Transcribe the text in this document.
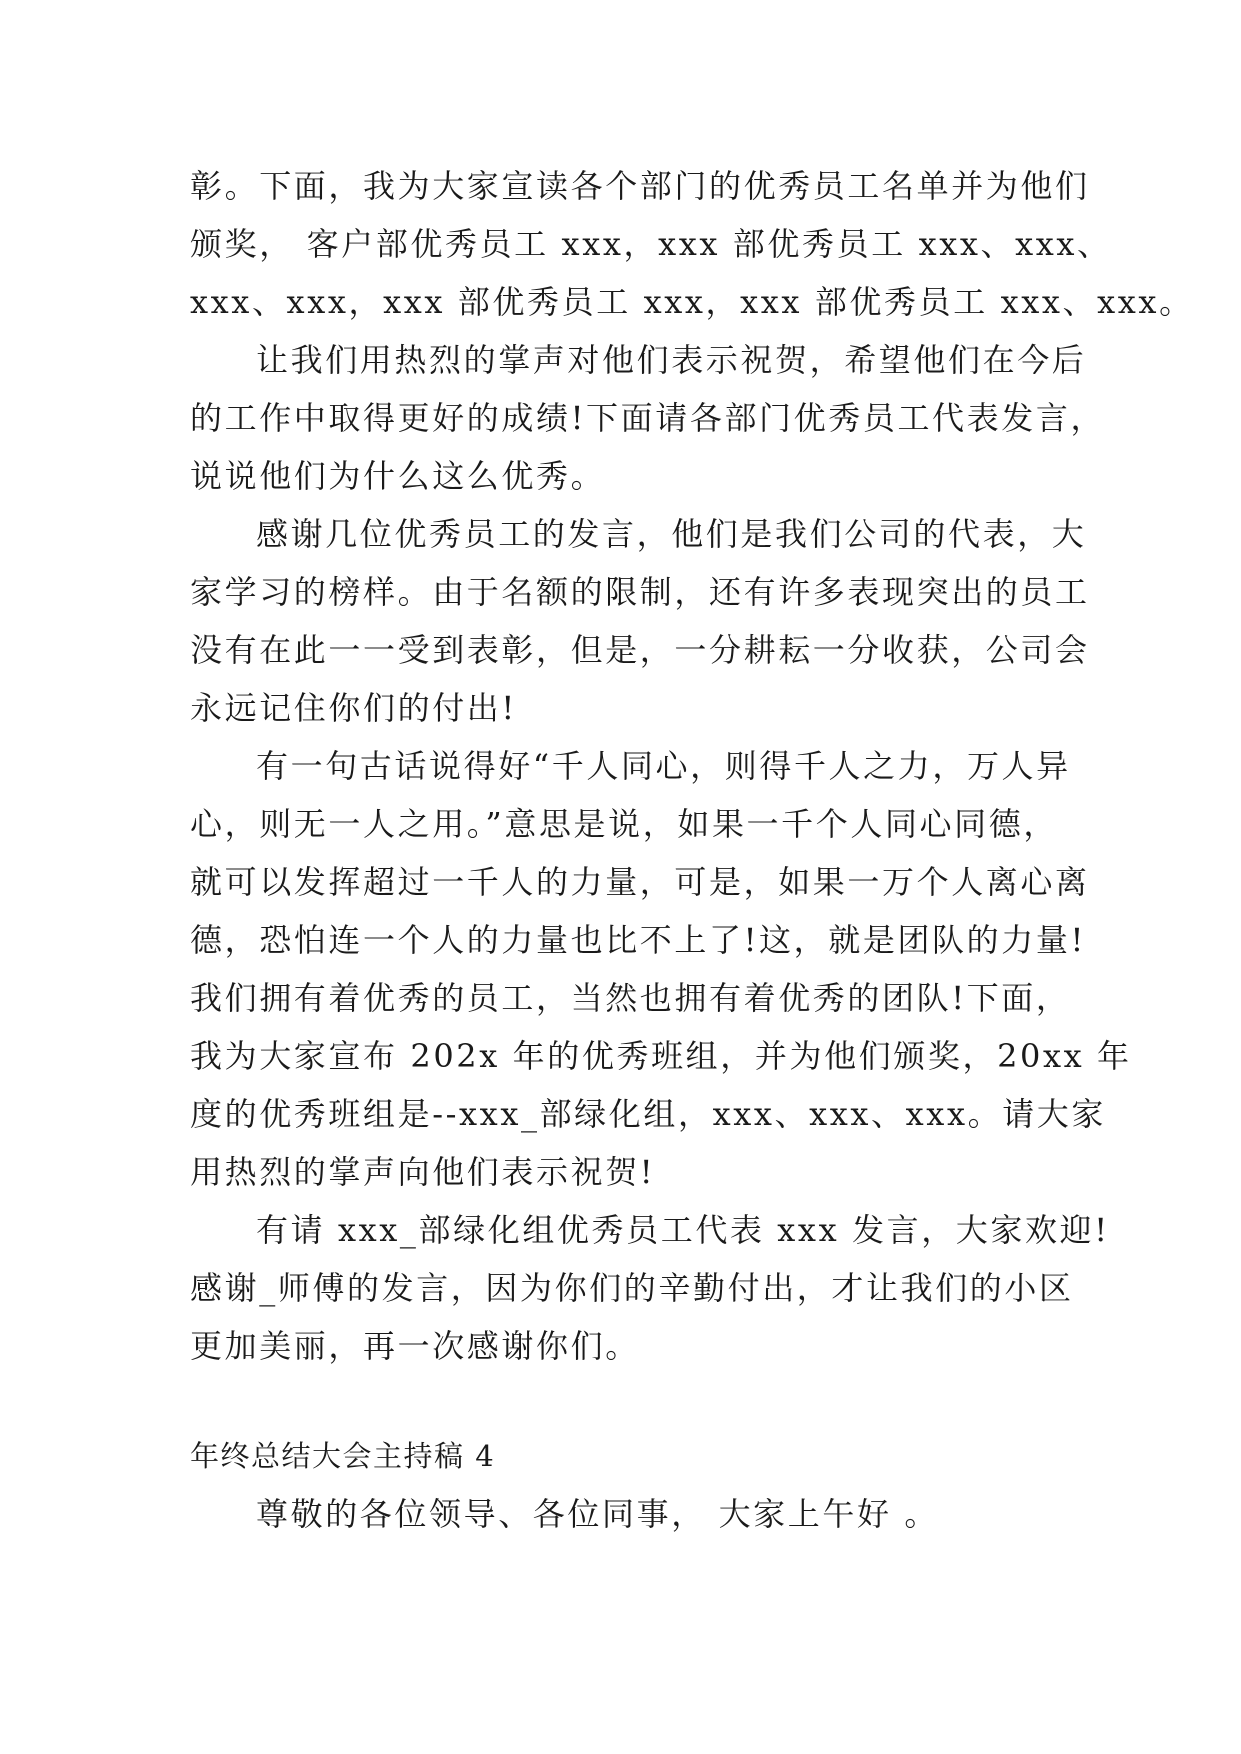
彰。下面，我为大家宣读各个部门的优秀员工名单并为他们
颁奖， 客户部优秀员工 xxx，xxx 部优秀员工 xxx、xxx、
xxx、xxx，xxx 部优秀员工 xxx，xxx 部优秀员工 xxx、xxx。
让我们用热烈的掌声对他们表示祝贺，希望他们在今后
的工作中取得更好的成绩!下面请各部门优秀员工代表发言，
说说他们为什么这么优秀。
感谢几位优秀员工的发言，他们是我们公司的代表，大
家学习的榜样。由于名额的限制，还有许多表现突出的员工
没有在此一一受到表彰，但是，一分耕耘一分收获，公司会
永远记住你们的付出!
有一句古话说得好“千人同心，则得千人之力，万人异
心，则无一人之用。”意思是说，如果一千个人同心同德，
就可以发挥超过一千人的力量，可是，如果一万个人离心离
德，恐怕连一个人的力量也比不上了!这，就是团队的力量!
我们拥有着优秀的员工，当然也拥有着优秀的团队!下面，
我为大家宣布 202x 年的优秀班组，并为他们颁奖，20xx 年
度的优秀班组是--xxx_部绿化组，xxx、xxx、xxx。请大家
用热烈的掌声向他们表示祝贺!
有请 xxx_部绿化组优秀员工代表 xxx 发言，大家欢迎!
感谢_师傅的发言，因为你们的辛勤付出，才让我们的小区
更加美丽，再一次感谢你们。
年终总结大会主持稿 4
尊敬的各位领导、各位同事， 大家上午好 。
